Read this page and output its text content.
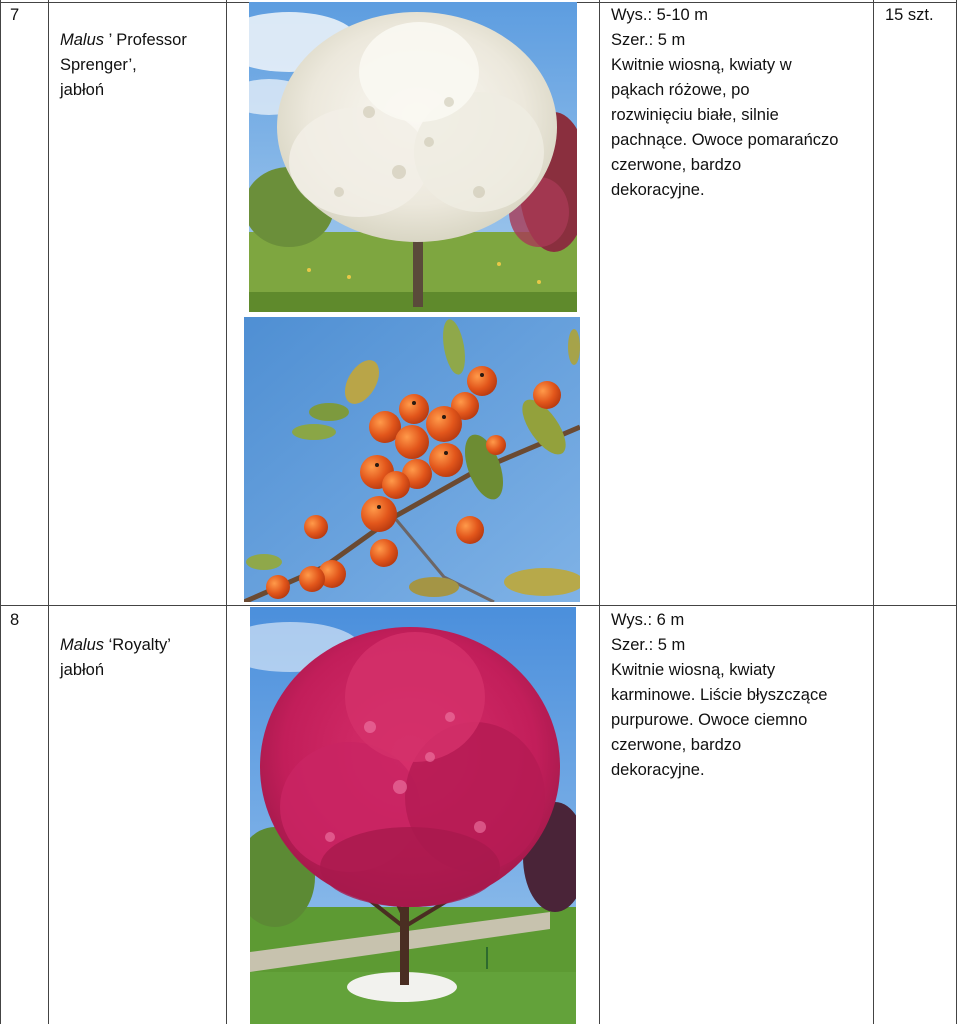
7

Malus ’ Professor
Sprenger’,

jabłoń

Wys.: 5-10 m
Szer.: 5 m
Kwitnie wiosną, kwiaty w
pąkach różowe, po
rozwinięciu białe, silnie
pachnące. Owoce pomarańczo
czerwone, bardzo
dekoracyjne.
15 szt.
8

Malus ‘Royalty’

jabłoń

Wys.: 6 m
Szer.: 5 m
Kwitnie wiosną, kwiaty
karminowe. Liście błyszczące
purpurowe. Owoce ciemno
czerwone, bardzo
dekoracyjne.
